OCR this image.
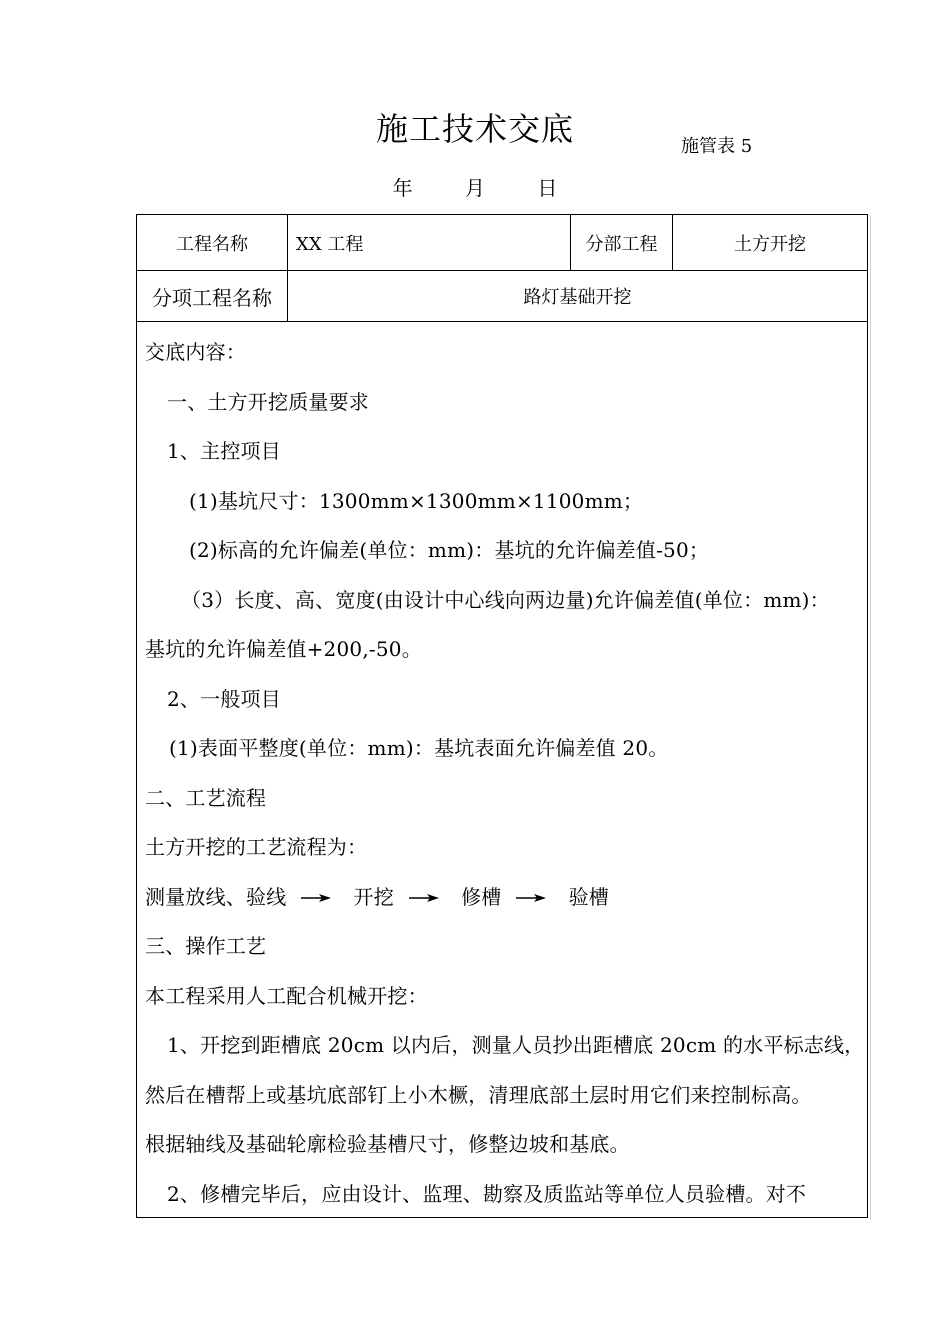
施工技术交底	施管表 5
年	月	日
工程名称	XX 工程	分部工程	土方开挖
分项工程名称	路灯基础开挖
交底内容：
一、土方开挖质量要求
1、主控项目
(1)基坑尺寸：1300mm×1300mm×1100mm；
(2)标高的允许偏差(单位：mm)：基坑的允许偏差值-50；
（3）长度、高、宽度(由设计中心线向两边量)允许偏差值(单位：mm)：
基坑的允许偏差值+200,-50。
2、一般项目
(1)表面平整度(单位：mm)：基坑表面允许偏差值 20。
二、工艺流程
土方开挖的工艺流程为：
测量放线、验线	开挖	修槽	验槽
三、操作工艺
本工程采用人工配合机械开挖：
1、开挖到距槽底 20cm 以内后，测量人员抄出距槽底 20cm 的水平标志线，
然后在槽帮上或基坑底部钉上小木橛，清理底部土层时用它们来控制标高。
根据轴线及基础轮廓检验基槽尺寸，修整边坡和基底。
2、修槽完毕后，应由设计、监理、勘察及质监站等单位人员验槽。对不
